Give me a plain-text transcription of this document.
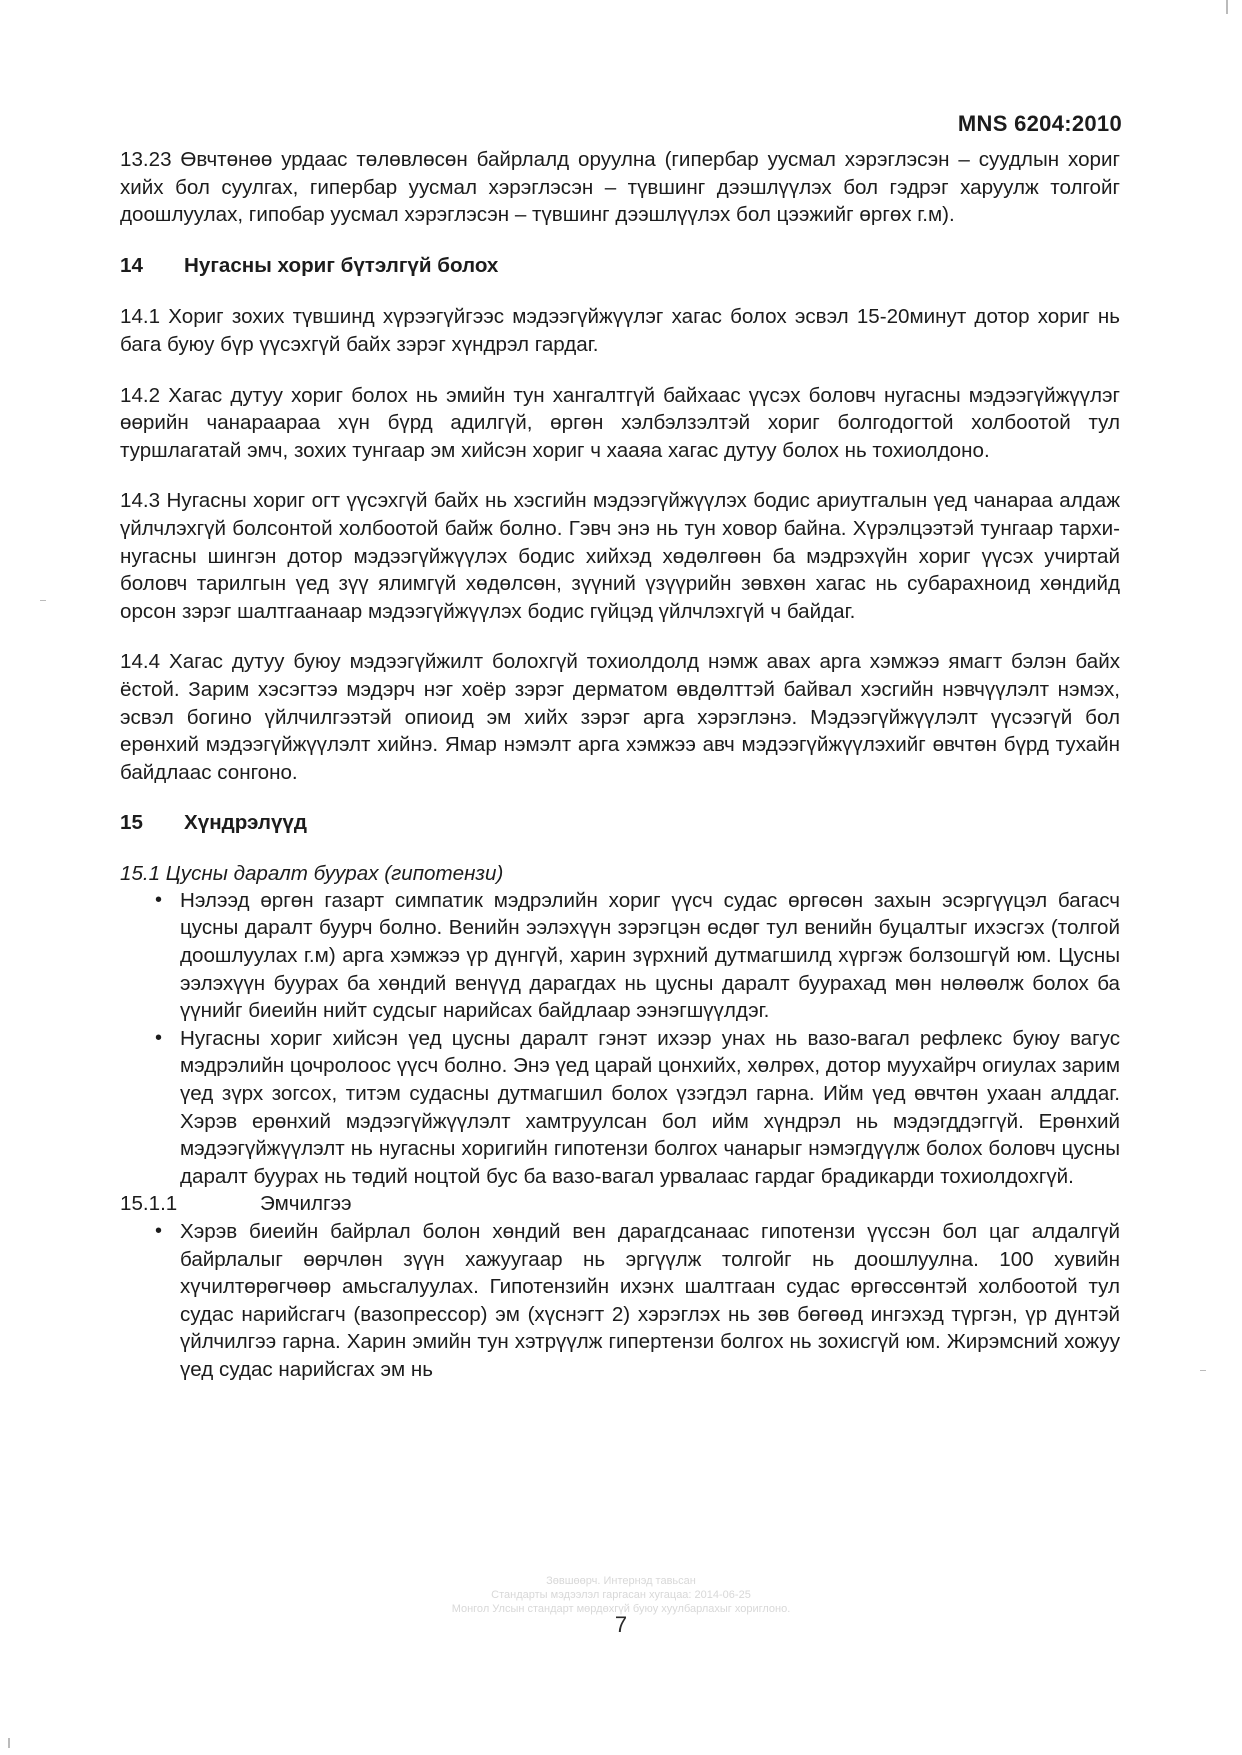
MNS 6204:2010

13.23 Өвчтөнөө урдаас төлөвлөсөн байрлалд оруулна (гипербар уусмал хэрэглэсэн – суудлын хориг хийх бол суулгах, гипербар уусмал хэрэглэсэн – түвшинг дээшлүүлэх бол гэдрэг харуулж толгойг доошлуулах, гипобар уусмал хэрэглэсэн – түвшинг дээшлүүлэх бол цээжийг өргөх г.м).

14	Нугасны хориг бүтэлгүй болох

14.1 Хориг зохих түвшинд хүрээгүйгээс мэдээгүйжүүлэг хагас болох эсвэл 15-20минут дотор хориг нь бага буюу бүр үүсэхгүй байх зэрэг хүндрэл гардаг.

14.2 Хагас дутуу хориг болох нь эмийн тун хангалтгүй байхаас үүсэх боловч нугасны мэдээгүйжүүлэг өөрийн чанараараа хүн бүрд адилгүй, өргөн хэлбэлзэлтэй хориг болгодогтой холбоотой тул туршлагатай эмч, зохих тунгаар эм хийсэн хориг ч хааяа хагас дутуу болох нь тохиолдоно.

14.3 Нугасны хориг огт үүсэхгүй байх нь хэсгийн мэдээгүйжүүлэх бодис ариутгалын үед чанараа алдаж үйлчлэхгүй болсонтой холбоотой байж болно. Гэвч энэ нь тун ховор байна. Хүрэлцээтэй тунгаар тархи-нугасны шингэн дотор мэдээгүйжүүлэх бодис хийхэд хөдөлгөөн ба мэдрэхүйн хориг үүсэх учиртай боловч тарилгын үед зүү ялимгүй хөдөлсөн, зүүний үзүүрийн зөвхөн хагас нь субарахноид хөндийд орсон зэрэг шалтгаанаар мэдээгүйжүүлэх бодис гүйцэд үйлчлэхгүй ч байдаг.

14.4 Хагас дутуу буюу мэдээгүйжилт болохгүй тохиолдолд нэмж авах арга хэмжээ ямагт бэлэн байх ёстой. Зарим хэсэгтээ мэдэрч нэг хоёр зэрэг дерматом өвдөлттэй байвал хэсгийн нэвчүүлэлт нэмэх, эсвэл богино үйлчилгээтэй опиоид эм хийх зэрэг арга хэрэглэнэ. Мэдээгүйжүүлэлт үүсээгүй бол ерөнхий мэдээгүйжүүлэлт хийнэ. Ямар нэмэлт арга хэмжээ авч мэдээгүйжүүлэхийг өвчтөн бүрд тухайн байдлаас сонгоно.

15	Хүндрэлүүд

15.1 Цусны даралт буурах (гипотензи)

• Нэлээд өргөн газарт симпатик мэдрэлийн хориг үүсч судас өргөсөн захын эсэргүүцэл багасч цусны даралт буурч болно. Венийн ээлэхүүн зэрэгцэн өсдөг тул венийн буцалтыг ихэсгэх (толгой доошлуулах г.м) арга хэмжээ үр дүнгүй, харин зүрхний дутмагшилд хүргэж болзошгүй юм. Цусны ээлэхүүн буурах ба хөндий венүүд дарагдах нь цусны даралт буурахад мөн нөлөөлж болох ба үүнийг биеийн нийт судсыг нарийсах байдлаар ээнэгшүүлдэг.
• Нугасны хориг хийсэн үед цусны даралт гэнэт ихээр унах нь вазо-вагал рефлекс буюу вагус мэдрэлийн цочролоос үүсч болно. Энэ үед царай цонхийх, хөлрөх, дотор муухайрч огиулах зарим үед зүрх зогсох, титэм судасны дутмагшил болох үзэгдэл гарна. Ийм үед өвчтөн ухаан алддаг. Хэрэв ерөнхий мэдээгүйжүүлэлт хамтруулсан бол ийм хүндрэл нь мэдэгддэггүй. Ерөнхий мэдээгүйжүүлэлт нь нугасны хоригийн гипотензи болгох чанарыг нэмэгдүүлж болох боловч цусны даралт буурах нь төдий ноцтой бус ба вазо-вагал урвалаас гардаг брадикарди тохиолдохгүй.
15.1.1	Эмчилгээ
• Хэрэв биеийн байрлал болон хөндий вен дарагдсанаас гипотензи үүссэн бол цаг алдалгүй байрлалыг өөрчлөн зүүн хажуугаар нь эргүүлж толгойг нь доошлуулна. 100 хувийн хүчилтөрөгчөөр амьсгалуулах. Гипотензийн ихэнх шалтгаан судас өргөссөнтэй холбоотой тул судас нарийсгагч (вазопрессор) эм (хүснэгт 2) хэрэглэх нь зөв бөгөөд ингэхэд түргэн, үр дүнтэй үйлчилгээ гарна. Харин эмийн тун хэтрүүлж гипертензи болгох нь зохисгүй юм. Жирэмсний хожуу үед судас нарийсгах эм нь
Зөвшөөрч. Интернэд тавьсан
Стандарты мэдээлэл гаргасан хугацаа: 2014-06-25
Монгол Улсын стандарт мөрдөхгүй буюу хуулбарлахыг хориглоно.
7
